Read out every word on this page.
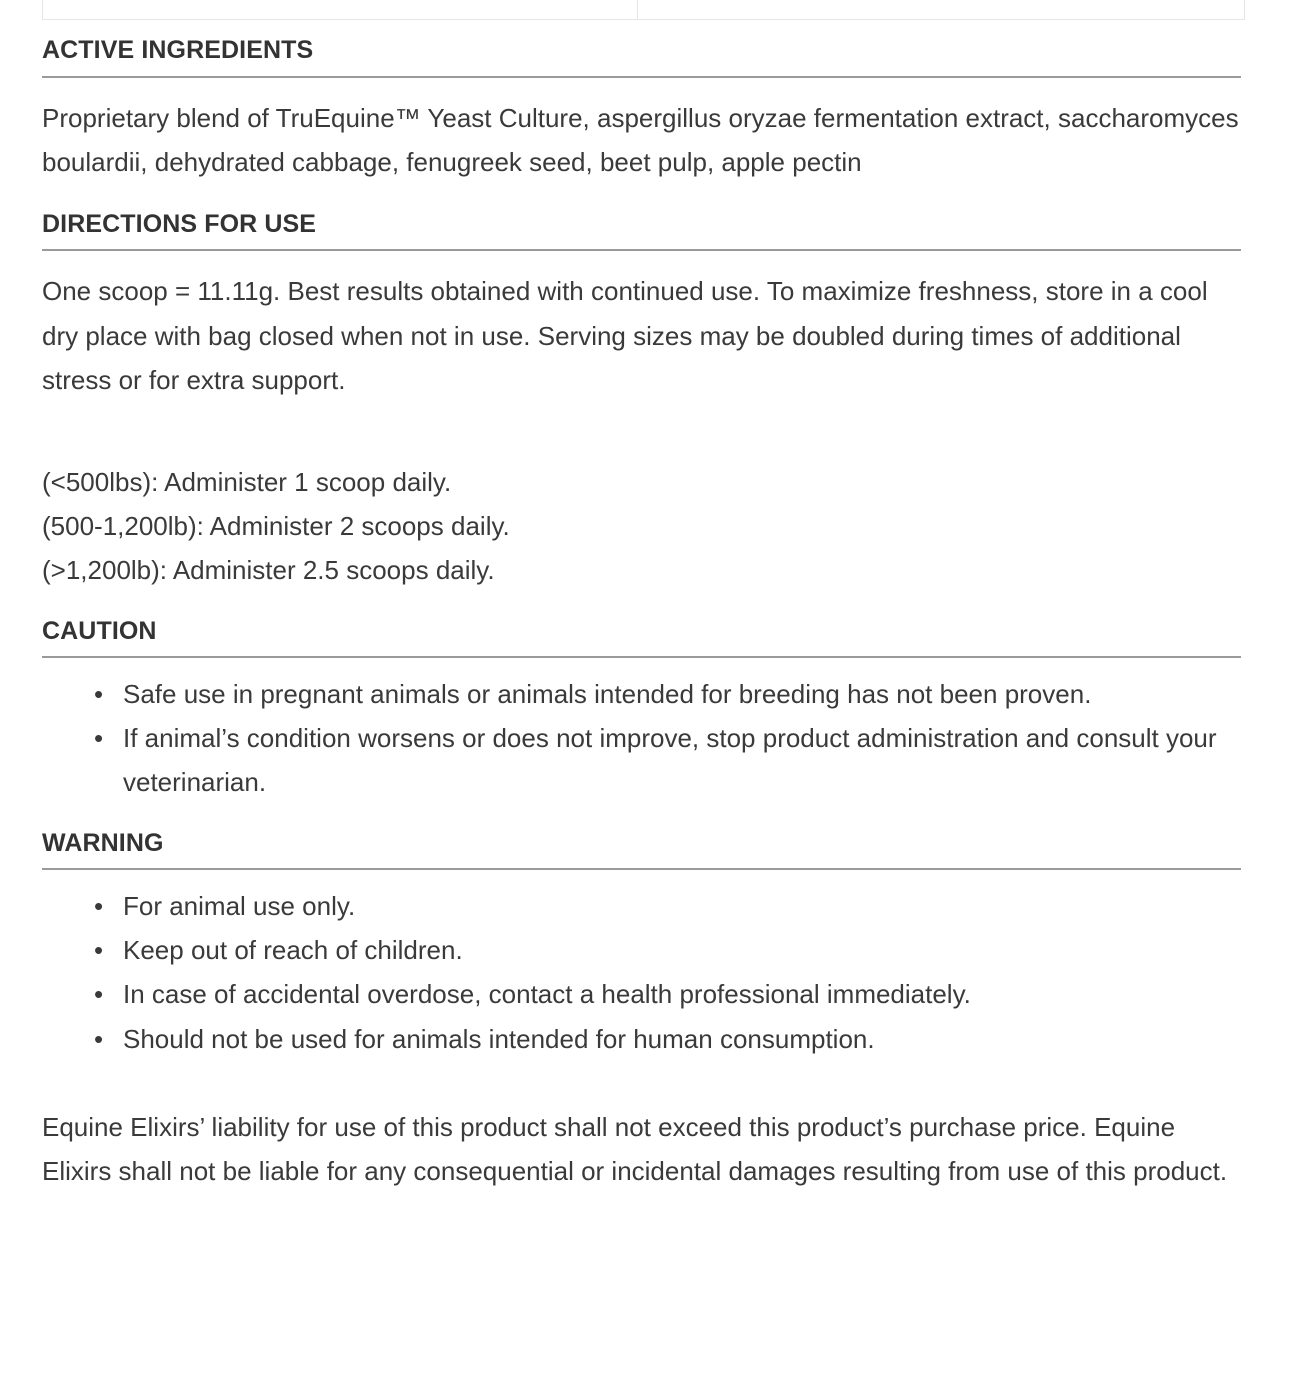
ACTIVE INGREDIENTS

Proprietary blend of TruEquine™ Yeast Culture, aspergillus oryzae fermentation extract, saccharomyces boulardii, dehydrated cabbage, fenugreek seed, beet pulp, apple pectin

DIRECTIONS FOR USE

One scoop = 11.11g. Best results obtained with continued use. To maximize freshness, store in a cool dry place with bag closed when not in use. Serving sizes may be doubled during times of additional stress or for extra support.

(<500lbs): Administer 1 scoop daily.
(500-1,200lb): Administer 2 scoops daily.
(>1,200lb): Administer 2.5 scoops daily.
CAUTION
• Safe use in pregnant animals or animals intended for breeding has not been proven.
• If animal’s condition worsens or does not improve, stop product administration and consult your veterinarian.
WARNING
• For animal use only.
• Keep out of reach of children.
• In case of accidental overdose, contact a health professional immediately.
• Should not be used for animals intended for human consumption.

Equine Elixirs’ liability for use of this product shall not exceed this product’s purchase price. Equine Elixirs shall not be liable for any consequential or incidental damages resulting from use of this product.
